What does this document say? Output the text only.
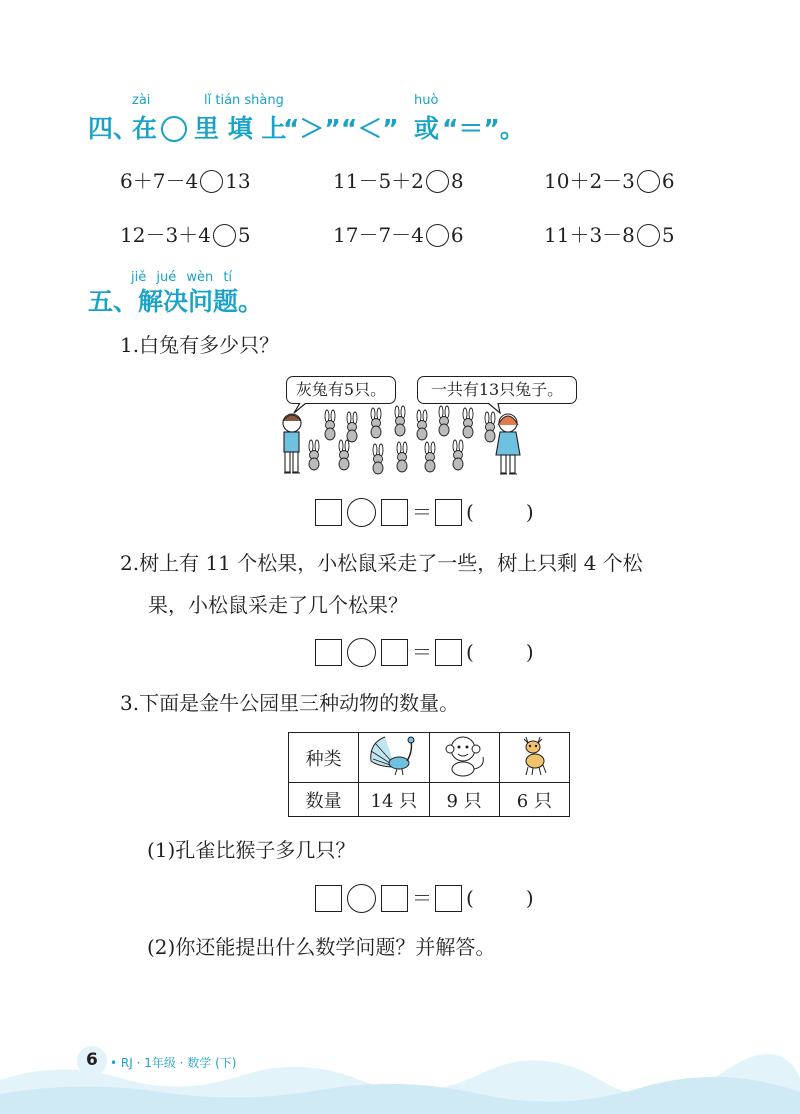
zài	lǐ tián shàng	huò
四、
在 里 填 上
“＞”“＜” 或 “＝”。
6＋7－4 13	11－5＋2 8	10＋2－3 6
12－3＋4 5	17－7－4 6	11＋3－8 5
jiě jué wèn tí
五、解决问题。
1.白兔有多少只？
灰兔有5只。	一共有13只兔子。
＝ (	)
2.树上有 11 个松果，小松鼠采走了一些，树上只剩 4 个松
果，小松鼠采走了几个松果？
＝ (	)
3.下面是金牛公园里三种动物的数量。
种类			
数量	14 只	9 只	6 只
(1)孔雀比猴子多几只？
＝ (	)
(2)你还能提出什么数学问题？并解答。
6 • RJ · 1年级 · 数学 (下)
